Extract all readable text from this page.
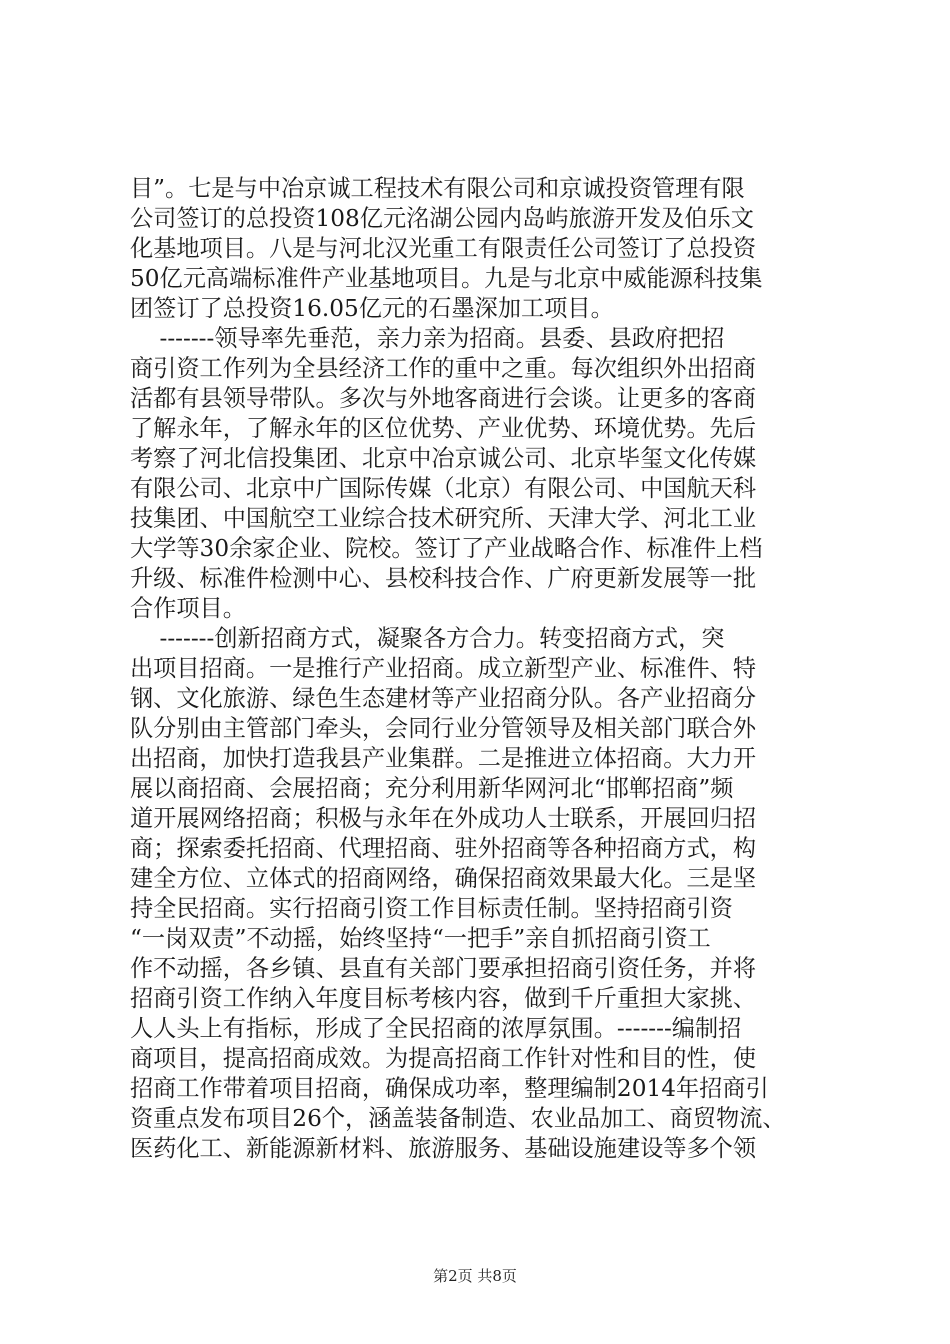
目”。七是与中冶京诚工程技术有限公司和京诚投资管理有限
公司签订的总投资108亿元洺湖公园内岛屿旅游开发及伯乐文
化基地项目。八是与河北汉光重工有限责任公司签订了总投资
50亿元高端标准件产业基地项目。九是与北京中威能源科技集
团签订了总投资16.05亿元的石墨深加工项目。
-------领导率先垂范，亲力亲为招商。县委、县政府把招
商引资工作列为全县经济工作的重中之重。每次组织外出招商
活都有县领导带队。多次与外地客商进行会谈。让更多的客商
了解永年，了解永年的区位优势、产业优势、环境优势。先后
考察了河北信投集团、北京中冶京诚公司、北京毕玺文化传媒
有限公司、北京中广国际传媒（北京）有限公司、中国航天科
技集团、中国航空工业综合技术研究所、天津大学、河北工业
大学等30余家企业、院校。签订了产业战略合作、标准件上档
升级、标准件检测中心、县校科技合作、广府更新发展等一批
合作项目。
-------创新招商方式，凝聚各方合力。转变招商方式，突
出项目招商。一是推行产业招商。成立新型产业、标准件、特
钢、文化旅游、绿色生态建材等产业招商分队。各产业招商分
队分别由主管部门牵头，会同行业分管领导及相关部门联合外
出招商，加快打造我县产业集群。二是推进立体招商。大力开
展以商招商、会展招商；充分利用新华网河北“邯郸招商”频
道开展网络招商；积极与永年在外成功人士联系，开展回归招
商；探索委托招商、代理招商、驻外招商等各种招商方式，构
建全方位、立体式的招商网络，确保招商效果最大化。三是坚
持全民招商。实行招商引资工作目标责任制。坚持招商引资
“一岗双责”不动摇，始终坚持“一把手”亲自抓招商引资工
作不动摇，各乡镇、县直有关部门要承担招商引资任务，并将
招商引资工作纳入年度目标考核内容，做到千斤重担大家挑、
人人头上有指标，形成了全民招商的浓厚氛围。-------编制招
商项目，提高招商成效。为提高招商工作针对性和目的性，使
招商工作带着项目招商，确保成功率，整理编制2014年招商引
资重点发布项目26个，涵盖装备制造、农业品加工、商贸物流、
医药化工、新能源新材料、旅游服务、基础设施建设等多个领
第2页 共8页
